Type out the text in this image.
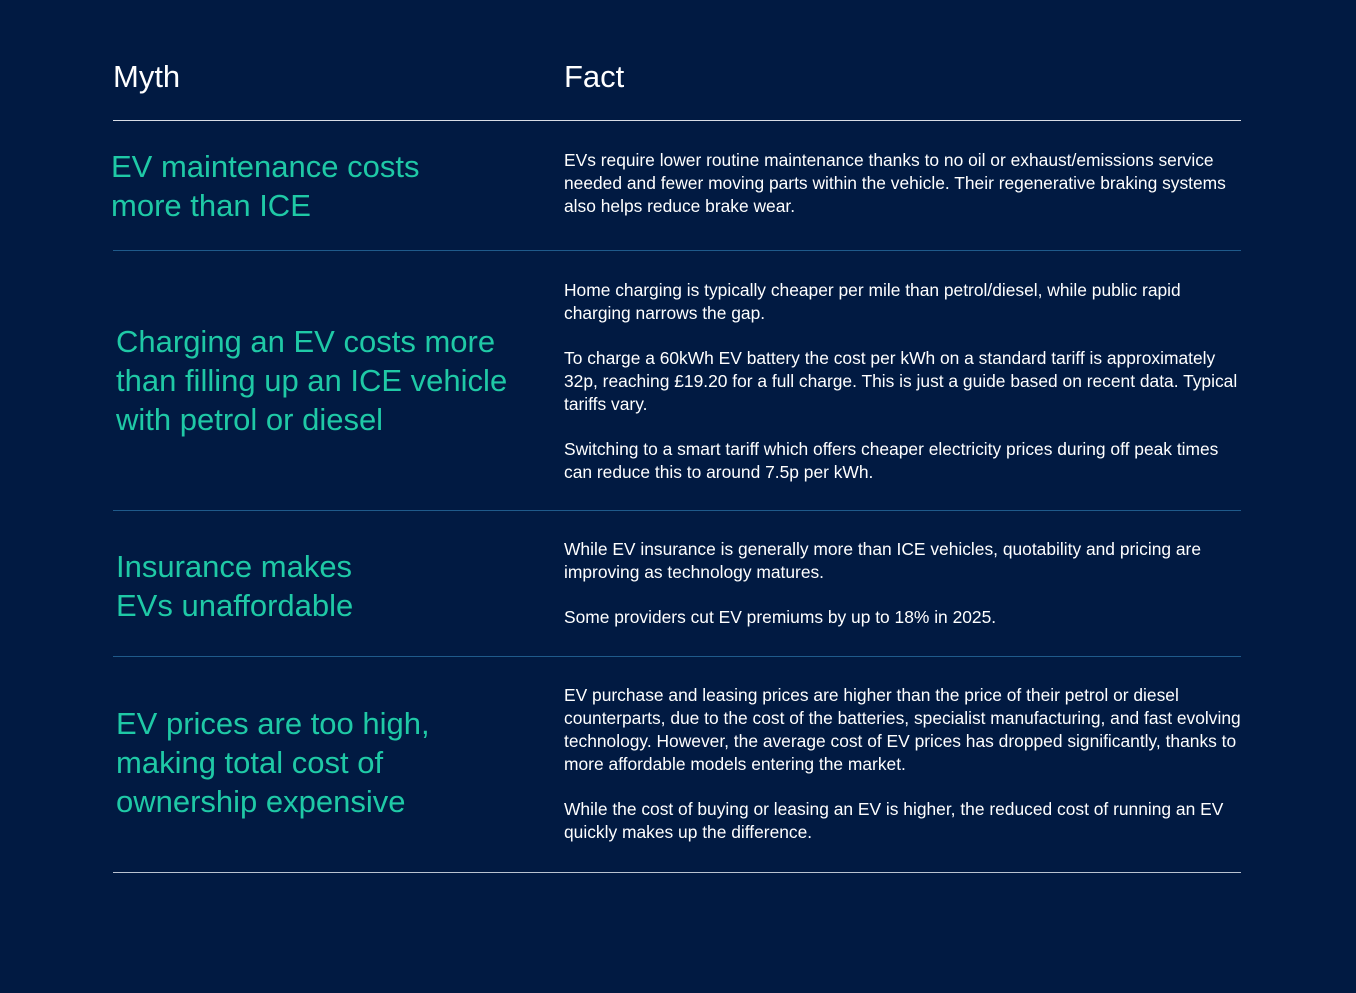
Myth	Fact
EV maintenance costs more than ICE

EVs require lower routine maintenance thanks to no oil or exhaust/emissions service needed and fewer moving parts within the vehicle. Their regenerative braking systems also helps reduce brake wear.

Charging an EV costs more than filling up an ICE vehicle with petrol or diesel

Home charging is typically cheaper per mile than petrol/diesel, while public rapid charging narrows the gap.

To charge a 60kWh EV battery the cost per kWh on a standard tariff is approximately 32p, reaching £19.20 for a full charge. This is just a guide based on recent data. Typical tariffs vary.

Switching to a smart tariff which offers cheaper electricity prices during off peak times can reduce this to around 7.5p per kWh.

Insurance makes EVs unaffordable

While EV insurance is generally more than ICE vehicles, quotability and pricing are improving as technology matures.

Some providers cut EV premiums by up to 18% in 2025.

EV prices are too high, making total cost of ownership expensive

EV purchase and leasing prices are higher than the price of their petrol or diesel counterparts, due to the cost of the batteries, specialist manufacturing, and fast evolving technology. However, the average cost of EV prices has dropped significantly, thanks to more affordable models entering the market.

While the cost of buying or leasing an EV is higher, the reduced cost of running an EV quickly makes up the difference.
